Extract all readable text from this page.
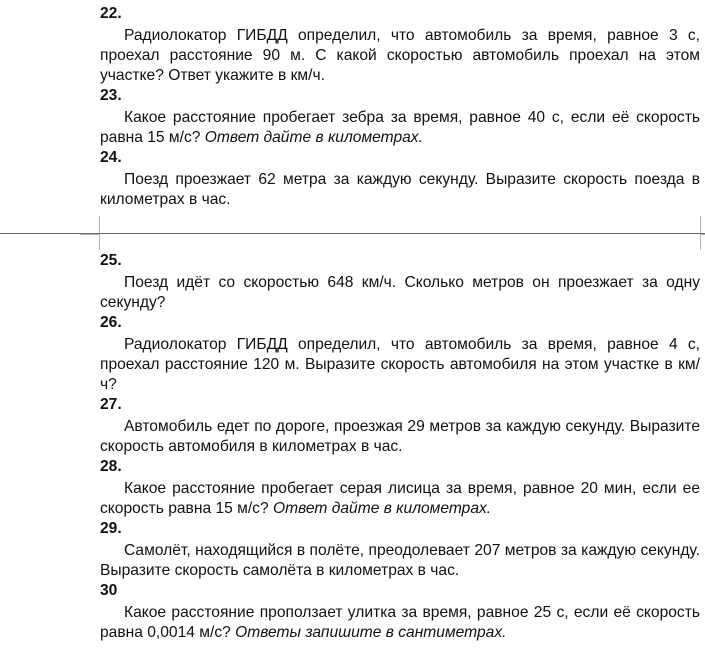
22.
Радиолокатор ГИБДД определил, что автомобиль за время, равное 3 с, проехал расстояние 90 м. С какой скоростью автомобиль проехал на этом участке? Ответ укажите в км/ч.
23.
Какое расстояние пробегает зебра за время, равное 40 с, если её скорость равна 15 м/с? Ответ дайте в километрах.
24.
Поезд проезжает 62 метра за каждую секунду. Выразите скорость поезда в километрах в час.
25.
Поезд идёт со скоростью 648 км/ч. Сколько метров он проезжает за одну секунду?
26.
Радиолокатор ГИБДД определил, что автомобиль за время, равное 4 с, проехал расстояние 120 м. Выразите скорость автомобиля на этом участке в км/ч?
27.
Автомобиль едет по дороге, проезжая 29 метров за каждую секунду. Выразите скорость автомобиля в километрах в час.
28.
Какое расстояние пробегает серая лисица за время, равное 20 мин, если ее скорость равна 15 м/с? Ответ дайте в километрах.
29.
Самолёт, находящийся в полёте, преодолевает 207 метров за каждую секунду. Выразите скорость самолёта в километрах в час.
30
Какое расстояние проползает улитка за время, равное 25 с, если её скорость равна 0,0014 м/с? Ответы запишите в сантиметрах.
